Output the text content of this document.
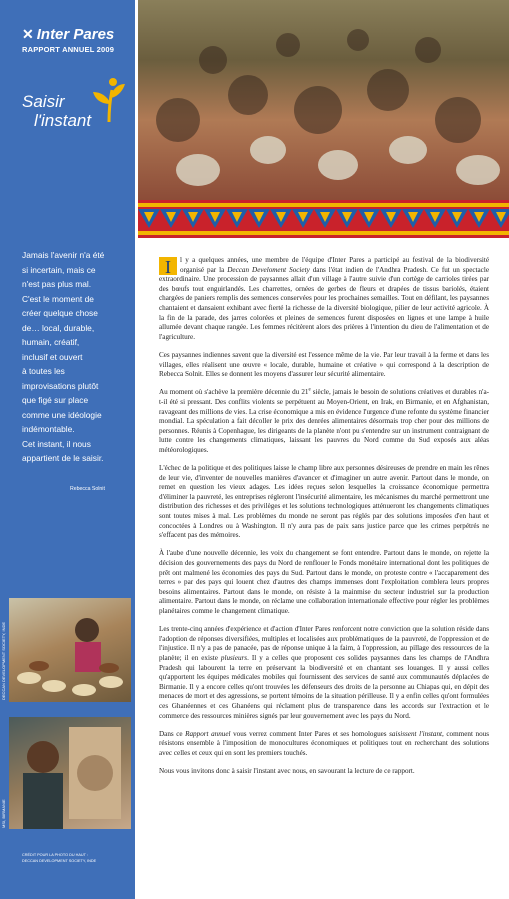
✕ Inter Pares
RAPPORT ANNUEL 2009
Saisir
l'instant
Jamais l'avenir n'a été
si incertain, mais ce
n'est pas plus mal.
C'est le moment de
créer quelque chose
de… local, durable,
humain, créatif,
inclusif et ouvert
à toutes les
improvisations plutôt
que figé sur place
comme une idéologie
indémontable.
Cet instant, il nous
appartient de le saisir.
Rebecca Solnit
DECCAN DEVELOPMENT SOCIETY, INDE
MSI, BIRMANIE
CRÉDIT POUR LA PHOTO DU HAUT :
DECCAN DEVELOPMENT SOCIETY, INDE

I	l y a quelques années, une membre de l'équipe d'Inter Pares a participé au festival de la biodiversité organisé par la Deccan Develoment Society dans l'état indien de l'Andhra Pradesh. Ce fut un spectacle extraordinaire. Une procession de paysannes allait d'un village à l'autre suivie d'un cortège de carrioles tirées par des bœufs tout enguirlandés. Les charrettes, ornées de gerbes de fleurs et drapées de tissus bariolés, étaient chargées de paniers remplis des semences conservées pour les prochaines semailles. Tout en défilant, les paysannes chantaient et dansaient exhibant avec fierté la richesse de la diversité biologique, pilier de leur activité agricole. À la fin de la parade, des jarres colorées et pleines de semences furent disposées en lignes et une lampe à huile allumée devant chaque rangée. Les femmes récitèrent alors des prières à l'intention du dieu de l'alimentation et de l'agriculture.

Ces paysannes indiennes savent que la diversité est l'essence même de la vie. Par leur travail à la ferme et dans les villages, elles réalisent une œuvre « locale, durable, humaine et créative » qui correspond à la description de Rebecca Solnit. Elles se donnent les moyens d'assurer leur sécurité alimentaire.

Au moment où s'achève la première décennie du 21e siècle, jamais le besoin de solutions créatives et durables n'a-t-il été si pressant. Des conflits violents se perpétuent au Moyen-Orient, en Irak, en Birmanie, et en Afghanistan, ravageant des millions de vies. La crise économique a mis en évidence l'urgence d'une refonte du système financier mondial. La spéculation a fait décoller le prix des denrées alimentaires désormais trop cher pour des millions de personnes. Réunis à Copenhague, les dirigeants de la planète n'ont pu s'entendre sur un instrument contraignant de lutte contre les changements climatiques, laissant les pauvres du Nord comme du Sud exposés aux aléas météorologiques.

L'échec de la politique et des politiques laisse le champ libre aux personnes désireuses de prendre en main les rênes de leur vie, d'inventer de nouvelles manières d'avancer et d'imaginer un autre avenir. Partout dans le monde, on remet en question les vieux adages. Les idées reçues selon lesquelles la croissance économique permettra d'éliminer la pauvreté, les entreprises régleront l'insécurité alimentaire, les mécanismes du marché permettront une distribution des richesses et des privilèges et les solutions technologiques atténueront les changements climatiques sont toutes mises à mal. Les problèmes du monde ne seront pas réglés par des solutions imposées d'en haut et concoctées à Londres ou à Washington. Il n'y aura pas de paix sans justice parce que les crimes perpétrés ne s'effacent pas des mémoires.

À l'aube d'une nouvelle décennie, les voix du changement se font entendre. Partout dans le monde, on rejette la décision des gouvernements des pays du Nord de renflouer le Fonds monétaire international dont les politiques de prêt ont malmené les économies des pays du Sud. Partout dans le monde, on proteste contre « l'accaparement des terres » par des pays qui louent chez d'autres des champs immenses dont l'exploitation comblera leurs propres besoins alimentaires. Partout dans le monde, on résiste à la mainmise du secteur industriel sur la production alimentaire. Partout dans le monde, on réclame une collaboration internationale effective pour régler les problèmes planétaires comme le changement climatique.

Les trente-cinq années d'expérience et d'action d'Inter Pares renforcent notre conviction que la solution réside dans l'adoption de réponses diversifiées, multiples et localisées aux problématiques de la pauvreté, de l'oppression et de l'injustice. Il n'y a pas de panacée, pas de réponse unique à la faim, à l'oppression, au pillage des ressources de la planète; il en existe plusieurs. Il y a celles que proposent ces solides paysannes dans les champs de l'Andhra Pradesh qui labourent la terre en préservant la biodiversité et en chantant ses louanges. Il y aussi celles qu'apportent les équipes médicales mobiles qui fournissent des services de santé aux communautés déplacées de Birmanie. Il y a encore celles qu'ont trouvées les défenseurs des droits de la personne au Chiapas qui, en dépit des menaces de mort et des agressions, se portent témoins de la situation périlleuse. Il y a enfin celles qu'ont formulées ces Ghanéennes et ces Ghanéens qui réclament plus de transparence dans les accords sur l'extraction et le commerce des ressources minières signés par leur gouvernement avec les pays du Nord.

Dans ce Rapport annuel vous verrez comment Inter Pares et ses homologues saisissent l'instant, comment nous résistons ensemble à l'imposition de monocultures économiques et politiques tout en recherchant des solutions avec celles et ceux qui en sont les premiers touchés.

Nous vous invitons donc à saisir l'instant avec nous, en savourant la lecture de ce rapport.
